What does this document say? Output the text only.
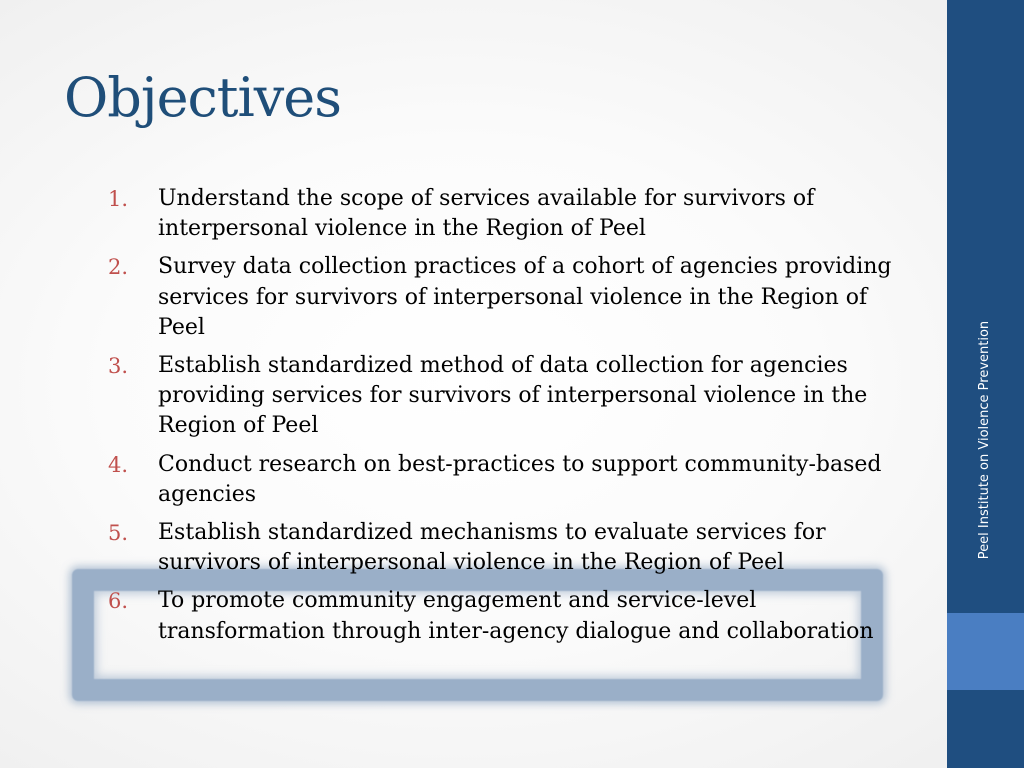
Objectives
1.	Understand the scope of services available for survivors of interpersonal violence in the Region of Peel
2.	Survey data collection practices of a cohort of agencies providing services for survivors of interpersonal violence in the Region of Peel
3.	Establish standardized method of data collection for agencies providing services for survivors of interpersonal violence in the Region of Peel
4.	Conduct research on best-practices to support community-based agencies
5.	Establish standardized mechanisms to evaluate services for survivors of interpersonal violence in the Region of Peel
6.	To promote community engagement and service-level transformation through inter-agency dialogue and collaboration
Peel Institute on Violence Prevention
